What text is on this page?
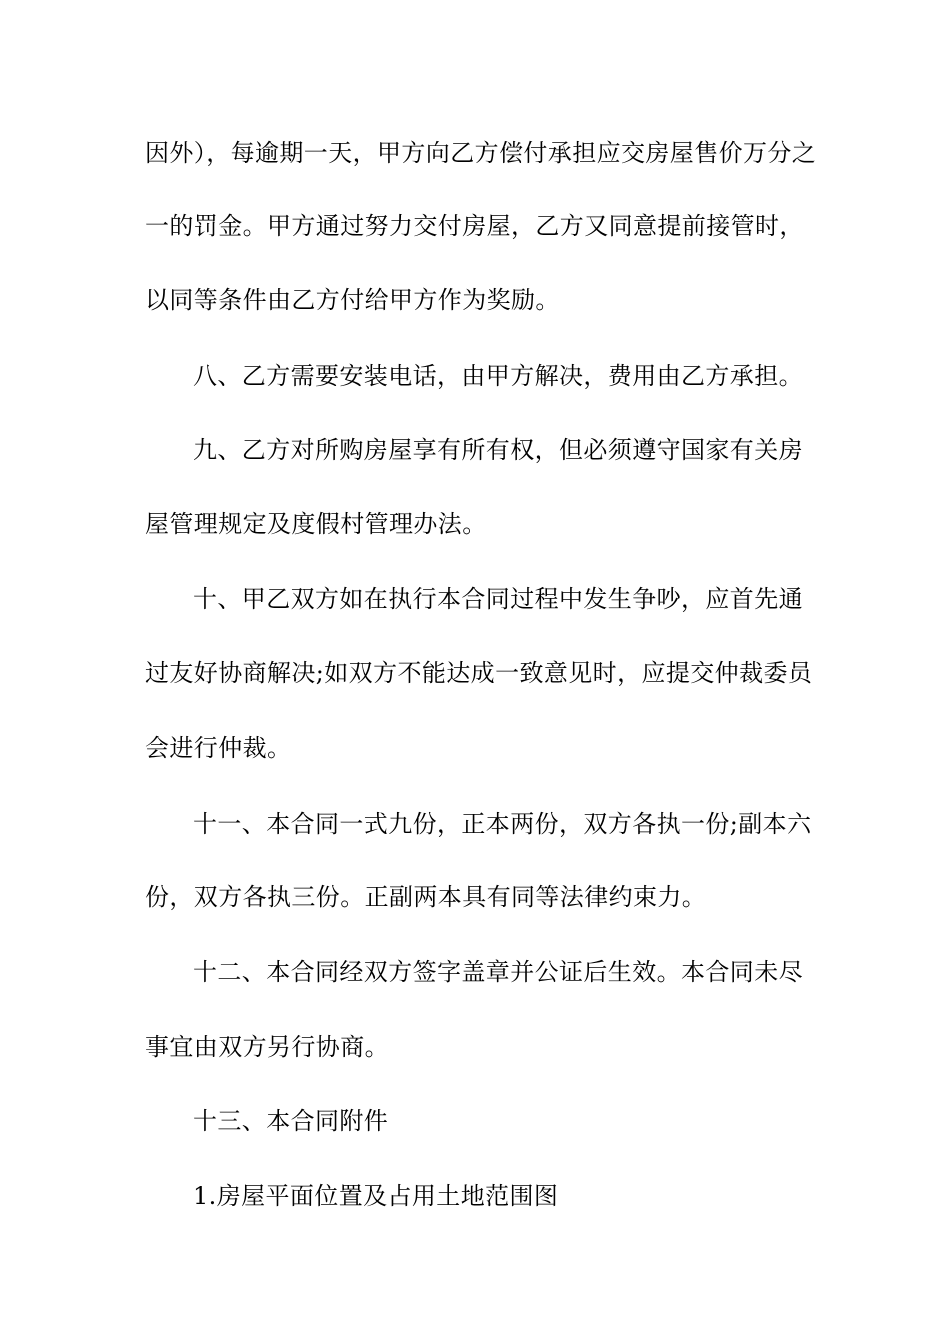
因外），每逾期一天，甲方向乙方偿付承担应交房屋售价万分之
一的罚金。甲方通过努力交付房屋，乙方又同意提前接管时，
以同等条件由乙方付给甲方作为奖励。
八、乙方需要安装电话，由甲方解决，费用由乙方承担。
九、乙方对所购房屋享有所有权，但必须遵守国家有关房
屋管理规定及度假村管理办法。
十、甲乙双方如在执行本合同过程中发生争吵，应首先通
过友好协商解决;如双方不能达成一致意见时，应提交仲裁委员
会进行仲裁。
十一、本合同一式九份，正本两份，双方各执一份;副本六
份，双方各执三份。正副两本具有同等法律约束力。
十二、本合同经双方签字盖章并公证后生效。本合同未尽
事宜由双方另行协商。
十三、本合同附件
1.房屋平面位置及占用土地范围图
